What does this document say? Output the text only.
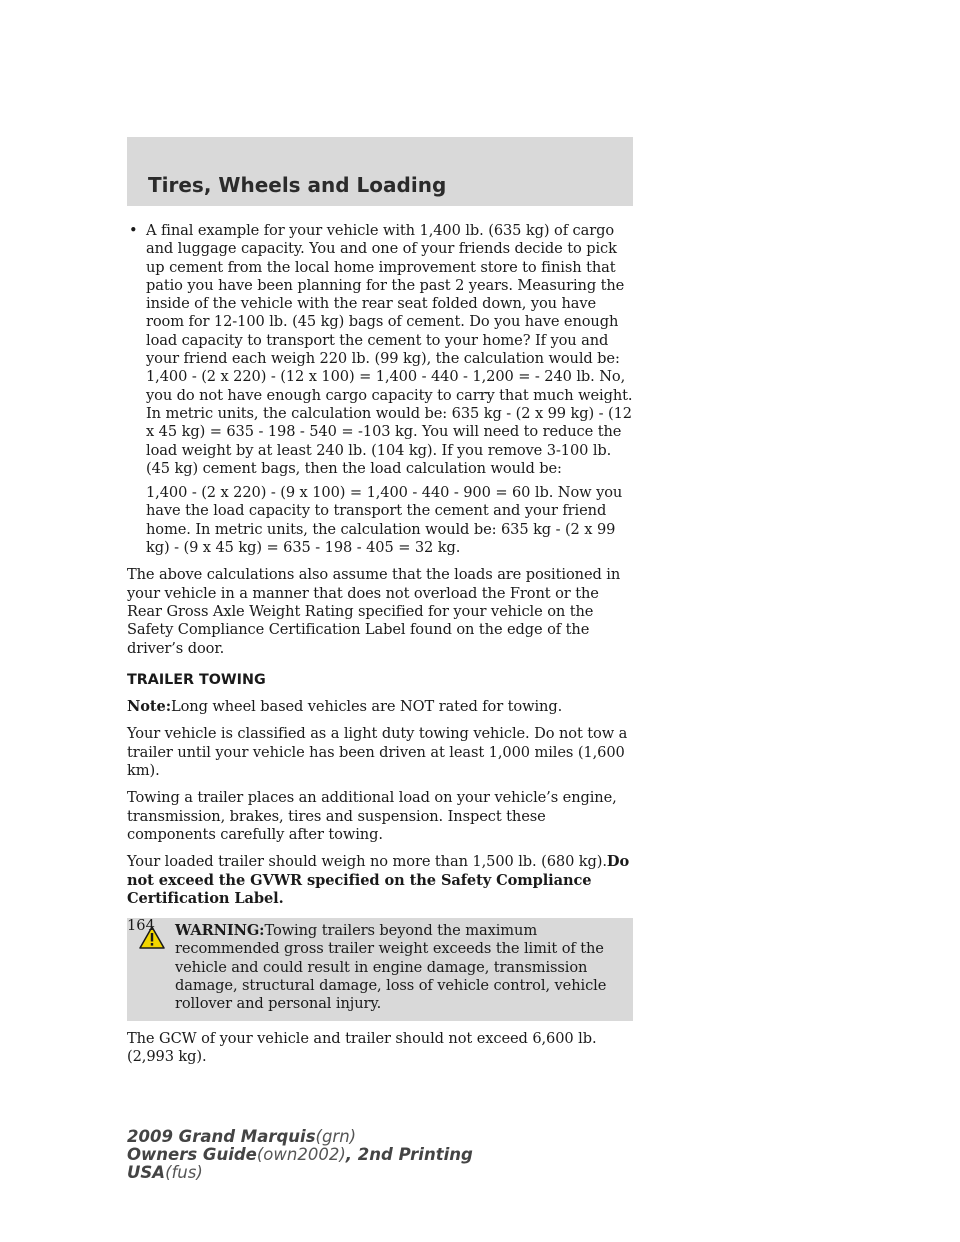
Tires, Wheels and Loading
• A final example for your vehicle with 1,400 lb. (635 kg) of cargo and luggage capacity. You and one of your friends decide to pick up cement from the local home improvement store to finish that patio you have been planning for the past 2 years. Measuring the inside of the vehicle with the rear seat folded down, you have room for 12-100 lb. (45 kg) bags of cement. Do you have enough load capacity to transport the cement to your home? If you and your friend each weigh 220 lb. (99 kg), the calculation would be: 1,400 - (2 x 220) - (12 x 100) = 1,400 - 440 - 1,200 = - 240 lb. No, you do not have enough cargo capacity to carry that much weight. In metric units, the calculation would be: 635 kg - (2 x 99 kg) - (12 x 45 kg) = 635 - 198 - 540 = -103 kg. You will need to reduce the load weight by at least 240 lb. (104 kg). If you remove 3-100 lb. (45 kg) cement bags, then the load calculation would be:
1,400 - (2 x 220) - (9 x 100) = 1,400 - 440 - 900 = 60 lb. Now you have the load capacity to transport the cement and your friend home. In metric units, the calculation would be: 635 kg - (2 x 99 kg) - (9 x 45 kg) = 635 - 198 - 405 = 32 kg.
The above calculations also assume that the loads are positioned in your vehicle in a manner that does not overload the Front or the Rear Gross Axle Weight Rating specified for your vehicle on the Safety Compliance Certification Label found on the edge of the driver’s door.
TRAILER TOWING
Note:Long wheel based vehicles are NOT rated for towing.
Your vehicle is classified as a light duty towing vehicle. Do not tow a trailer until your vehicle has been driven at least 1,000 miles (1,600 km).
Towing a trailer places an additional load on your vehicle’s engine, transmission, brakes, tires and suspension. Inspect these components carefully after towing.
Your loaded trailer should weigh no more than 1,500 lb. (680 kg).Do not exceed the GVWR specified on the Safety Compliance Certification Label.
WARNING:Towing trailers beyond the maximum recommended gross trailer weight exceeds the limit of the vehicle and could result in engine damage, transmission damage, structural damage, loss of vehicle control, vehicle rollover and personal injury.
The GCW of your vehicle and trailer should not exceed 6,600 lb. (2,993 kg).
164
2009 Grand Marquis(grn)
Owners Guide(own2002), 2nd Printing
USA(fus)
